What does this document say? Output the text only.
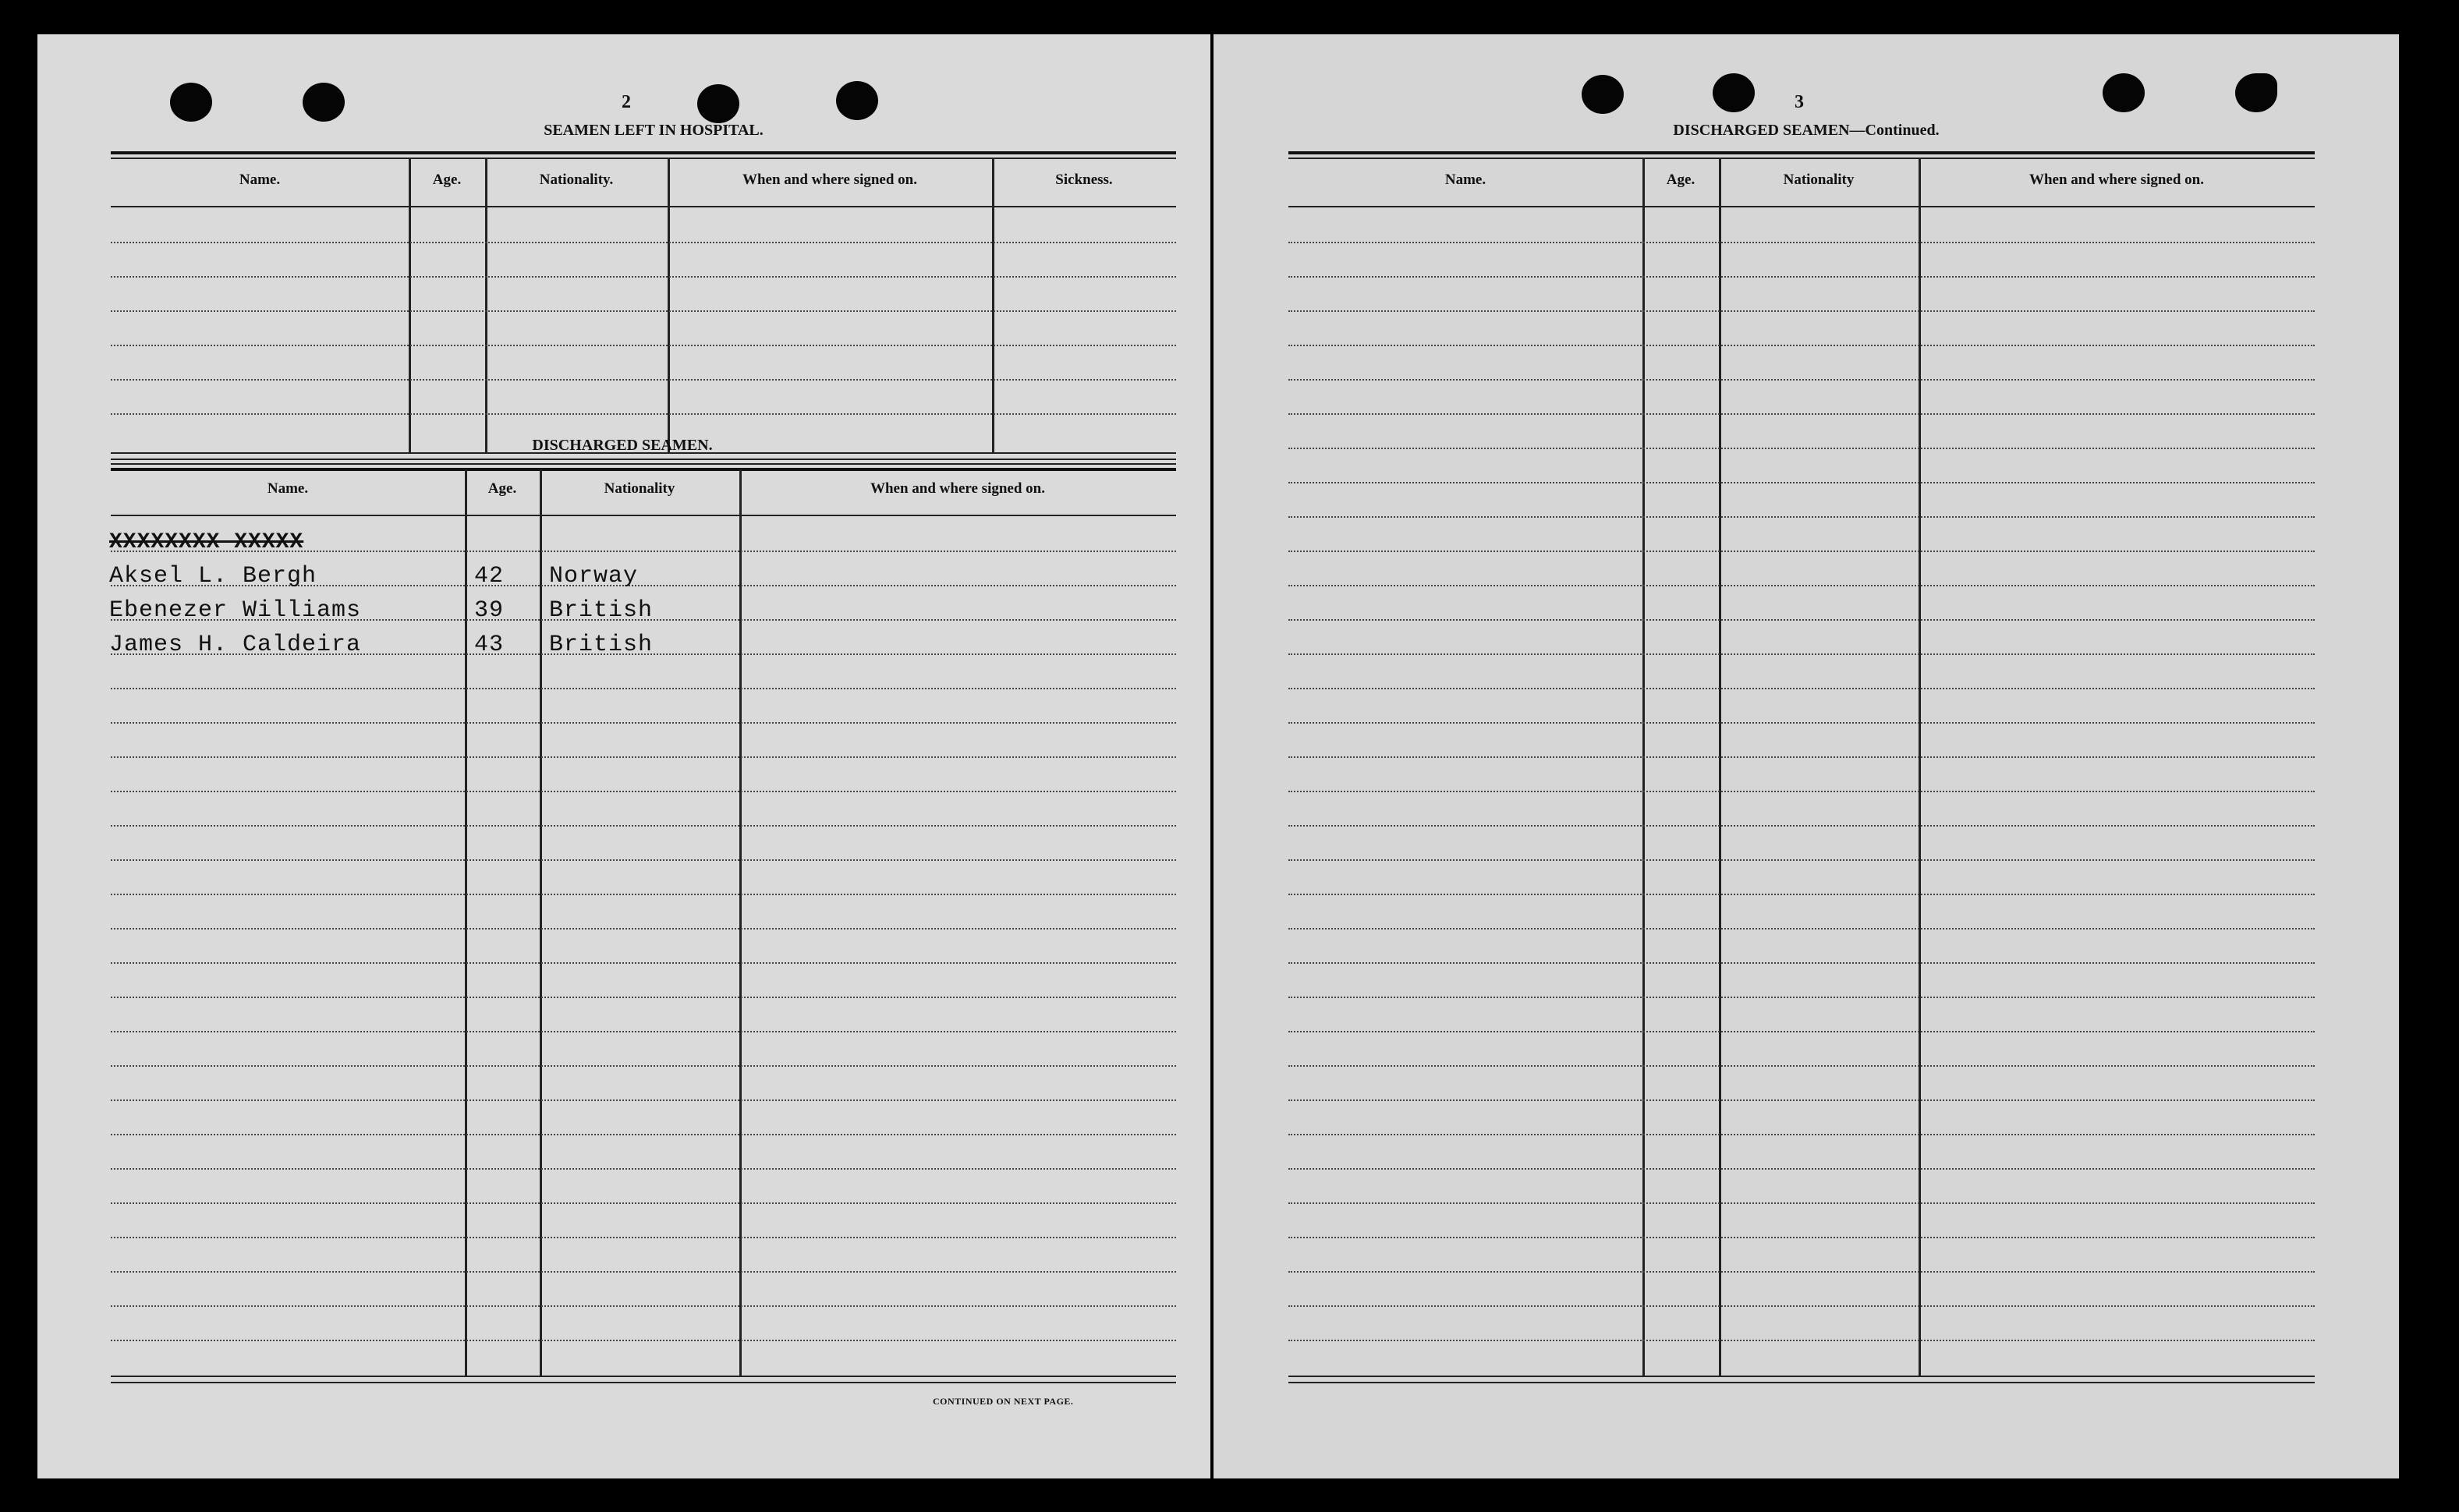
2
SEAMEN LEFT IN HOSPITAL.
Name.	Age.	Nationality.	When and where signed on.	Sickness.
DISCHARGED SEAMEN.
Name.	Age.	Nationality	When and where signed on.
XXXXXXXX XXXXX
Aksel L. Bergh	42 Norway
Ebenezer Williams	39 British
James H. Caldeira	43 British
CONTINUED ON NEXT PAGE.
3
DISCHARGED SEAMEN—Continued.
Name.	Age.	Nationality	When and where signed on.
